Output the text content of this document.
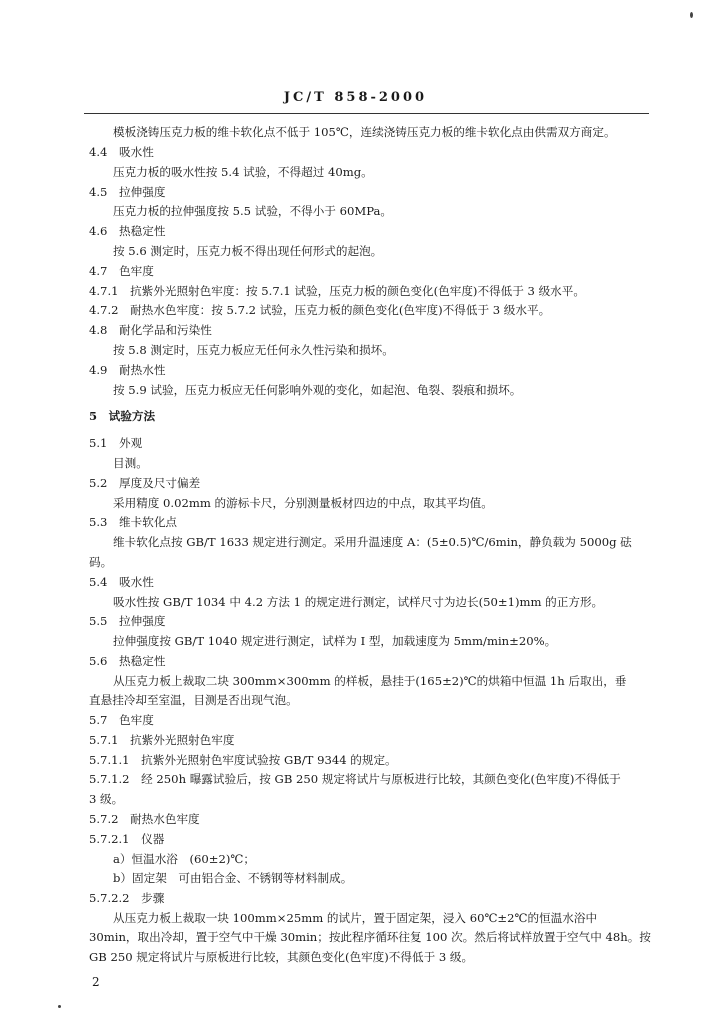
JC/T 858-2000
模板浇铸压克力板的维卡软化点不低于 105℃，连续浇铸压克力板的维卡软化点由供需双方商定。
4.4　吸水性
压克力板的吸水性按 5.4 试验，不得超过 40mg。
4.5　拉伸强度
压克力板的拉伸强度按 5.5 试验，不得小于 60MPa。
4.6　热稳定性
按 5.6 测定时，压克力板不得出现任何形式的起泡。
4.7　色牢度
4.7.1　抗紫外光照射色牢度：按 5.7.1 试验，压克力板的颜色变化(色牢度)不得低于 3 级水平。
4.7.2　耐热水色牢度：按 5.7.2 试验，压克力板的颜色变化(色牢度)不得低于 3 级水平。
4.8　耐化学品和污染性
按 5.8 测定时，压克力板应无任何永久性污染和损坏。
4.9　耐热水性
按 5.9 试验，压克力板应无任何影响外观的变化，如起泡、龟裂、裂痕和损坏。
5　试验方法
5.1　外观
目测。
5.2　厚度及尺寸偏差
采用精度 0.02mm 的游标卡尺，分别测量板材四边的中点，取其平均值。
5.3　维卡软化点
维卡软化点按 GB/T 1633 规定进行测定。采用升温速度 A：(5±0.5)℃/6min，静负载为 5000g 砝
码。
5.4　吸水性
吸水性按 GB/T 1034 中 4.2 方法 1 的规定进行测定，试样尺寸为边长(50±1)mm 的正方形。
5.5　拉伸强度
拉伸强度按 GB/T 1040 规定进行测定，试样为 I 型，加载速度为 5mm/min±20%。
5.6　热稳定性
从压克力板上裁取二块 300mm×300mm 的样板，悬挂于(165±2)℃的烘箱中恒温 1h 后取出，垂
直悬挂冷却至室温，目测是否出现气泡。
5.7　色牢度
5.7.1　抗紫外光照射色牢度
5.7.1.1　抗紫外光照射色牢度试验按 GB/T 9344 的规定。
5.7.1.2　经 250h 曝露试验后，按 GB 250 规定将试片与原板进行比较，其颜色变化(色牢度)不得低于
3 级。
5.7.2　耐热水色牢度
5.7.2.1　仪器
a）恒温水浴　(60±2)℃；
b）固定架　可由铝合金、不锈钢等材料制成。
5.7.2.2　步骤
从压克力板上裁取一块 100mm×25mm 的试片，置于固定架，浸入 60℃±2℃的恒温水浴中
30min，取出冷却，置于空气中干燥 30min；按此程序循环往复 100 次。然后将试样放置于空气中 48h。按
GB 250 规定将试片与原板进行比较，其颜色变化(色牢度)不得低于 3 级。
2
